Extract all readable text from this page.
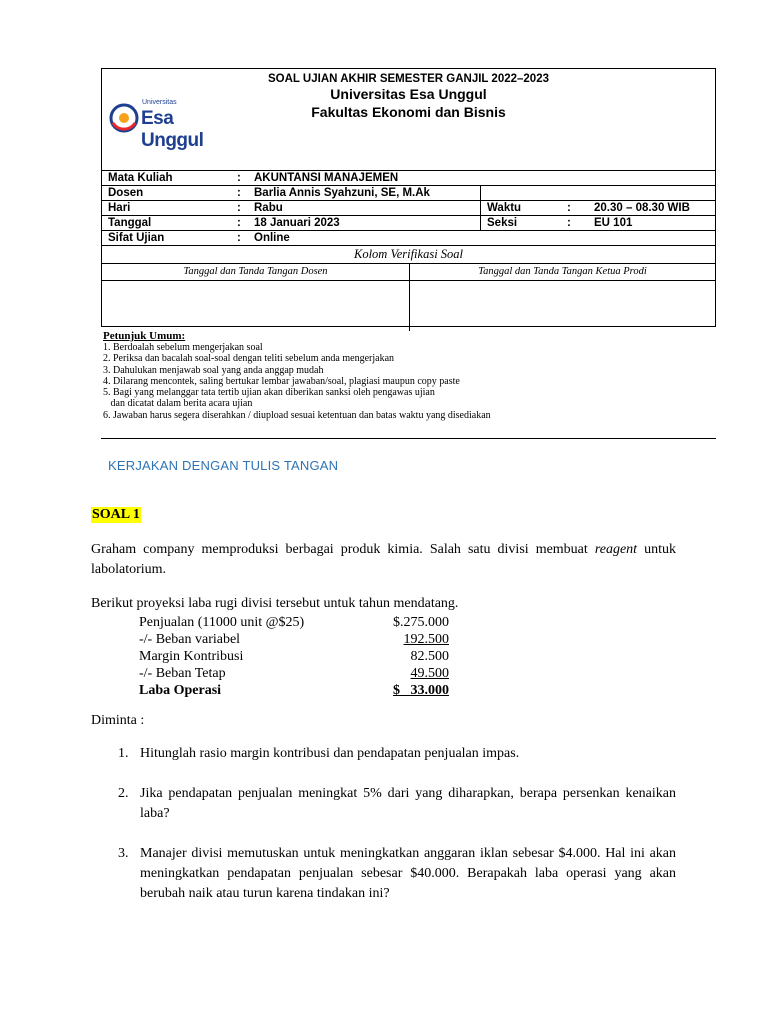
SOAL UJIAN AKHIR SEMESTER GANJIL 2022–2023
Universitas Esa Unggul
Fakultas Ekonomi dan Bisnis
Universitas
Esa Unggul
Mata Kuliah	: AKUNTANSI MANAJEMEN
Dosen	: Barlia Annis Syahzuni, SE, M.Ak
Hari	: Rabu	Waktu	: 20.30 – 08.30 WIB
Tanggal	: 18 Januari 2023	Seksi	: EU 101
Sifat Ujian	: Online
Kolom Verifikasi Soal
Tanggal dan Tanda Tangan Dosen	Tanggal dan Tanda Tangan Ketua Prodi
Petunjuk Umum:
1. Berdoalah sebelum mengerjakan soal
2. Periksa dan bacalah soal-soal dengan teliti sebelum anda mengerjakan
3. Dahulukan menjawab soal yang anda anggap mudah
4. Dilarang mencontek, saling bertukar lembar jawaban/soal, plagiasi maupun copy paste
5. Bagi yang melanggar tata tertib ujian akan diberikan sanksi oleh pengawas ujian
dan dicatat dalam berita acara ujian
6. Jawaban harus segera diserahkan / diupload sesuai ketentuan dan batas waktu yang disediakan
KERJAKAN DENGAN TULIS TANGAN
SOAL 1
Graham company memproduksi berbagai produk kimia. Salah satu divisi membuat reagent untuk labolatorium.
Berikut proyeksi laba rugi divisi tersebut untuk tahun mendatang.
Penjualan (11000 unit @$25)	$.275.000
-/- Beban variabel	192.500
Margin Kontribusi	82.500
-/- Beban Tetap	49.500
Laba Operasi	$   33.000
Diminta :
1. Hitunglah rasio margin kontribusi dan pendapatan penjualan impas.
2. Jika pendapatan penjualan meningkat 5% dari yang diharapkan, berapa persenkan kenaikan laba?
3. Manajer divisi memutuskan untuk meningkatkan anggaran iklan sebesar $4.000. Hal ini akan meningkatkan pendapatan penjualan sebesar $40.000. Berapakah laba operasi yang akan berubah naik atau turun karena tindakan ini?
